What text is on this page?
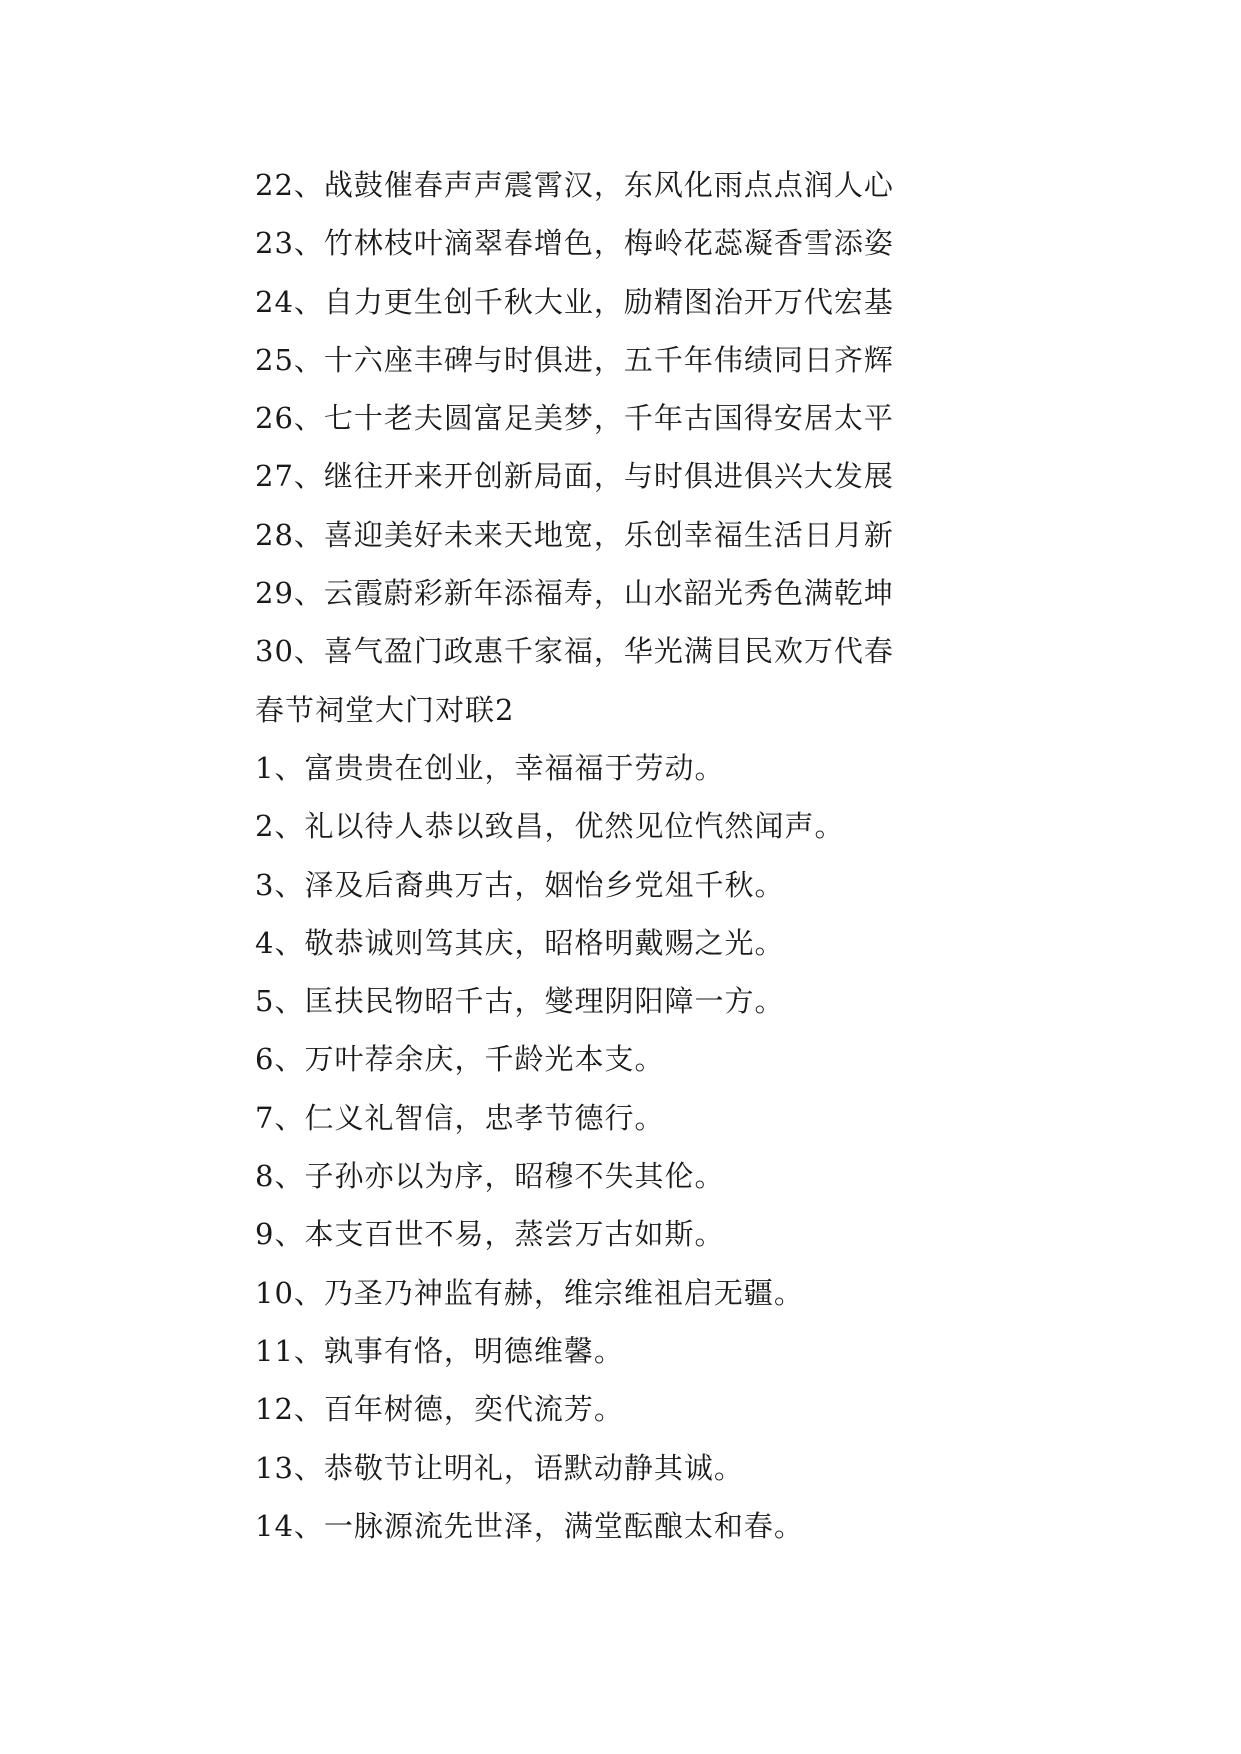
22、战鼓催春声声震霄汉，东风化雨点点润人心
23、竹林枝叶滴翠春增色，梅岭花蕊凝香雪添姿
24、自力更生创千秋大业，励精图治开万代宏基
25、十六座丰碑与时俱进，五千年伟绩同日齐辉
26、七十老夫圆富足美梦，千年古国得安居太平
27、继往开来开创新局面，与时俱进俱兴大发展
28、喜迎美好未来天地宽，乐创幸福生活日月新
29、云霞蔚彩新年添福寿，山水韶光秀色满乾坤
30、喜气盈门政惠千家福，华光满目民欢万代春
春节祠堂大门对联2
1、富贵贵在创业，幸福福于劳动。
2、礼以待人恭以致昌，优然见位忾然闻声。
3、泽及后裔典万古，姻怡乡党俎千秋。
4、敬恭诚则笃其庆，昭格明戴赐之光。
5、匡扶民物昭千古，燮理阴阳障一方。
6、万叶荐余庆，千龄光本支。
7、仁义礼智信，忠孝节德行。
8、子孙亦以为序，昭穆不失其伦。
9、本支百世不易，蒸尝万古如斯。
10、乃圣乃神监有赫，维宗维祖启无疆。
11、孰事有恪，明德维馨。
12、百年树德，奕代流芳。
13、恭敬节让明礼，语默动静其诚。
14、一脉源流先世泽，满堂酝酿太和春。
